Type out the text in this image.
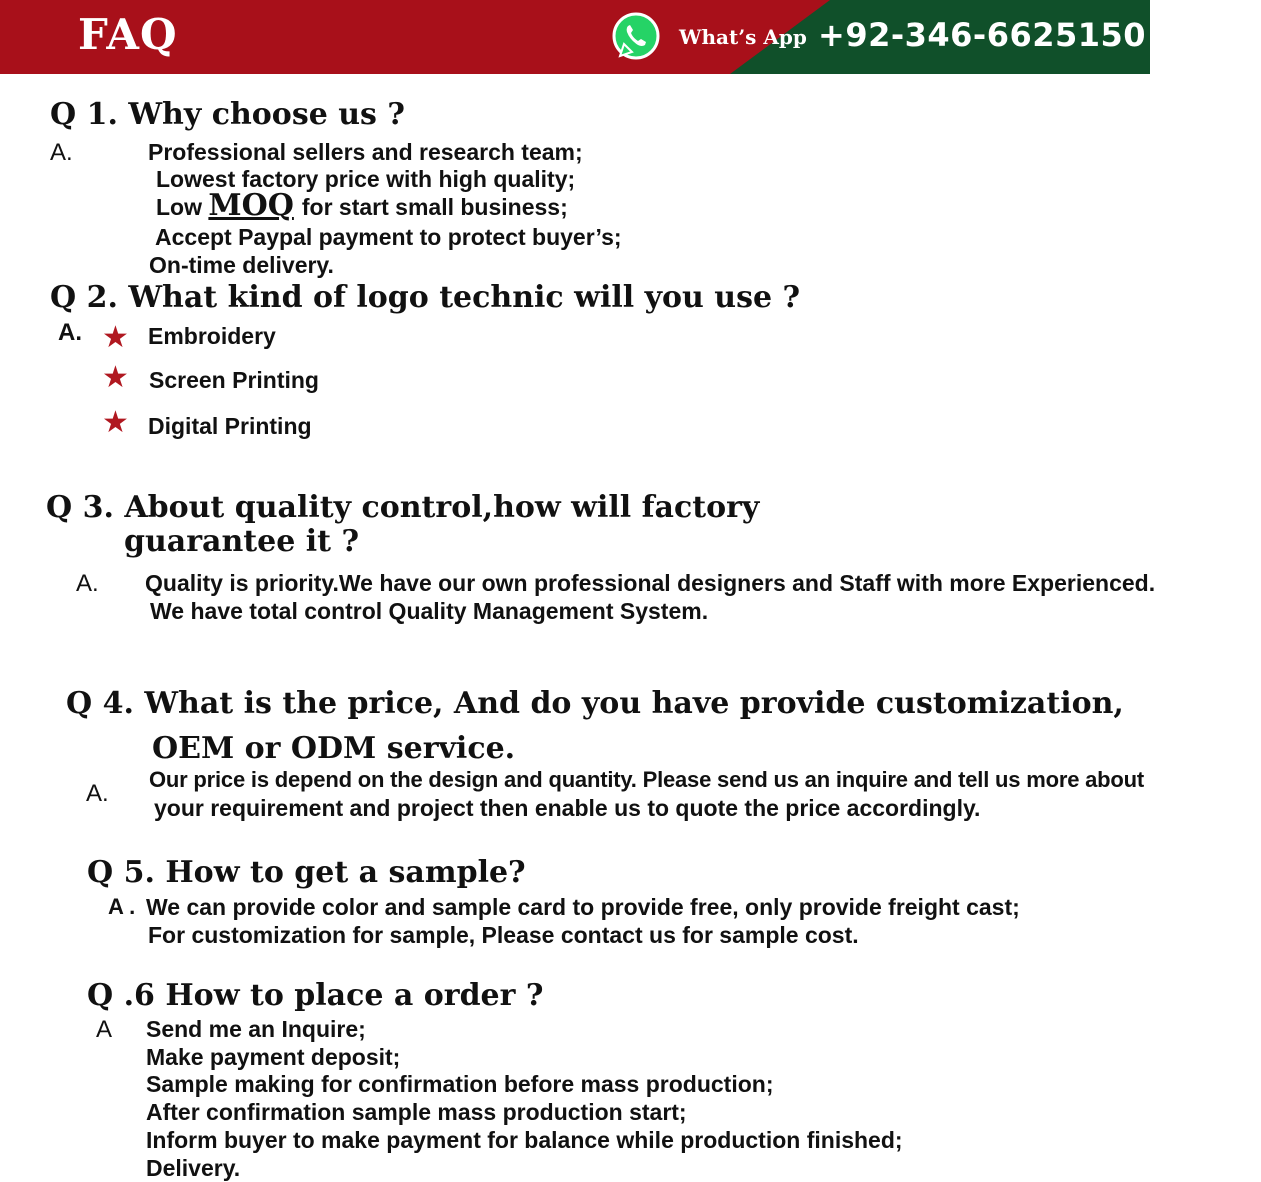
FAQ	What’s App +92-346-6625150
Q 1. Why choose us ?
A.	Professional sellers and research team;
Lowest factory price with high quality;
Low MOQ for start small business;
Accept Paypal payment to protect buyer’s;
On-time delivery.
Q 2. What kind of logo technic will you use ?
A. ★ Embroidery
★ Screen Printing
★ Digital Printing
Q 3. About quality control,how will factory
guarantee it ?
A. Quality is priority.We have our own professional designers and Staff with more Experienced.
We have total control Quality Management System.
Q 4. What is the price, And do you have provide customization,
OEM or ODM service.
A.
Our price is depend on the design and quantity. Please send us an inquire and tell us more about
your requirement and project then enable us to quote the price accordingly.
Q 5. How to get a sample?
A . We can provide color and sample card to provide free, only provide freight cast;
For customization for sample, Please contact us for sample cost.
Q .6 How to place a order ?
A Send me an Inquire;
Make payment deposit;
Sample making for confirmation before mass production;
After confirmation sample mass production start;
Inform buyer to make payment for balance while production finished;
Delivery.
